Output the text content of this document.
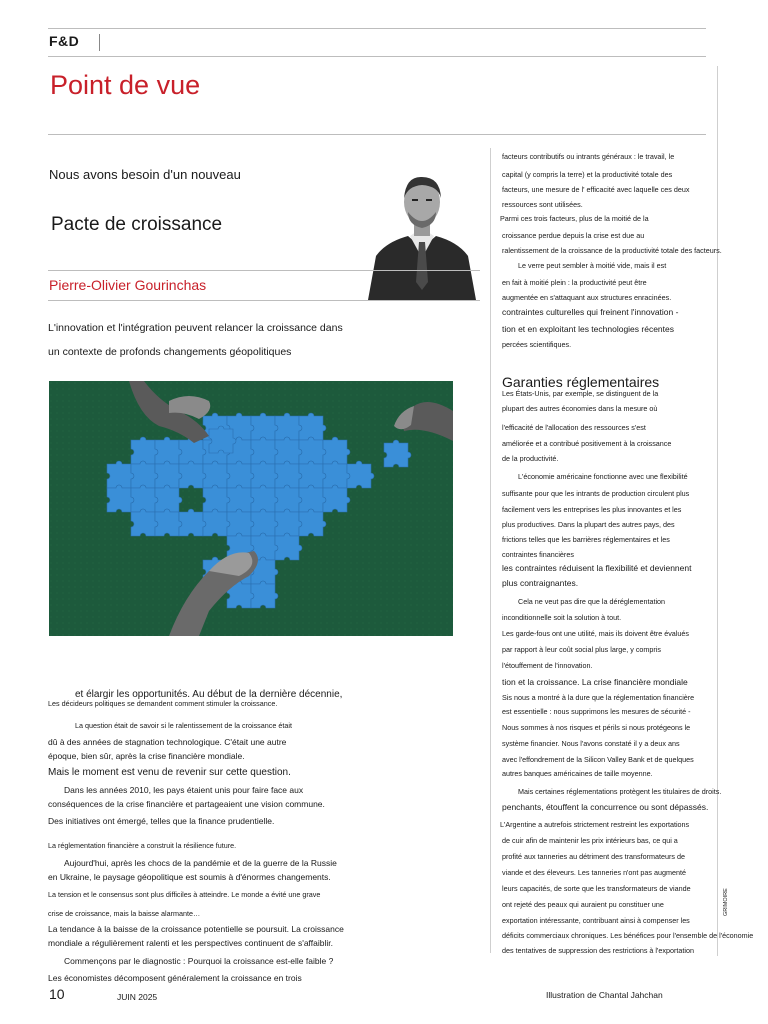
F&D
Point de vue
Nous avons besoin d'un nouveau
Pacte de croissance
Pierre-Olivier Gourinchas
L'innovation et l'intégration peuvent relancer la croissance dans
un contexte de profonds changements géopolitiques
et élargir les opportunités. Au début de la dernière décennie,
Les décideurs politiques se demandent comment stimuler la croissance.
La question était de savoir si le ralentissement de la croissance était
dû à des années de stagnation technologique. C'était une autre
époque, bien sûr, après la crise financière mondiale.
Mais le moment est venu de revenir sur cette question.
Dans les années 2010, les pays étaient unis pour faire face aux
conséquences de la crise financière et partageaient une vision commune.
Des initiatives ont émergé, telles que la finance prudentielle.
La réglementation financière a construit la résilience future.
Aujourd'hui, après les chocs de la pandémie et de la guerre de la Russie
en Ukraine, le paysage géopolitique est soumis à d'énormes changements.
La tension et le consensus sont plus difficiles à atteindre. Le monde a évité une grave
crise de croissance, mais la baisse alarmante…
La tendance à la baisse de la croissance potentielle se poursuit. La croissance
mondiale a régulièrement ralenti et les perspectives continuent de s'affaiblir.
Commençons par le diagnostic : Pourquoi la croissance est-elle faible ?
Les économistes décomposent généralement la croissance en trois
facteurs contributifs ou intrants généraux : le travail, le
capital (y compris la terre) et la productivité totale des
facteurs, une mesure de l' efficacité avec laquelle ces deux
ressources sont utilisées.
Parmi ces trois facteurs, plus de la moitié de la
croissance perdue depuis la crise est due au
ralentissement de la croissance de la productivité totale des facteurs.
Le verre peut sembler à moitié vide, mais il est
en fait à moitié plein : la productivité peut être
augmentée en s'attaquant aux structures enracinées.
contraintes culturelles qui freinent l'innovation -
tion et en exploitant les technologies récentes
percées scientifiques.
Garanties réglementaires
Les États-Unis, par exemple, se distinguent de la
plupart des autres économies dans la mesure où
l'efficacité de l'allocation des ressources s'est
améliorée et a contribué positivement à la croissance
de la productivité.
L'économie américaine fonctionne avec une flexibilité
suffisante pour que les intrants de production circulent plus
facilement vers les entreprises les plus innovantes et les
plus productives. Dans la plupart des autres pays, des
frictions telles que les barrières réglementaires et les
contraintes financières
les contraintes réduisent la flexibilité et deviennent
plus contraignantes.
Cela ne veut pas dire que la déréglementation
inconditionnelle soit la solution à tout.
Les garde-fous ont une utilité, mais ils doivent être évalués
par rapport à leur coût social plus large, y compris
l'étouffement de l'innovation.
tion et la croissance. La crise financière mondiale
Sis nous a montré à la dure que la réglementation financière
est essentielle : nous supprimons les mesures de sécurité -
Nous sommes à nos risques et périls si nous protégeons le
système financier. Nous l'avons constaté il y a deux ans
avec l'effondrement de la Silicon Valley Bank et de quelques
autres banques américaines de taille moyenne.
Mais certaines réglementations protègent les titulaires de droits.
penchants, étouffent la concurrence ou sont dépassés.
L'Argentine a autrefois strictement restreint les exportations
de cuir afin de maintenir les prix intérieurs bas, ce qui a
profité aux tanneries au détriment des transformateurs de
viande et des éleveurs. Les tanneries n'ont pas augmenté
leurs capacités, de sorte que les transformateurs de viande
ont rejeté des peaux qui auraient pu constituer une
exportation intéressante, contribuant ainsi à compenser les
déficits commerciaux chroniques. Les bénéfices pour l'ensemble de l'économie
des tentatives de suppression des restrictions à l'exportation
GRIMOIRE
10	JUIN 2025	Illustration de Chantal Jahchan
